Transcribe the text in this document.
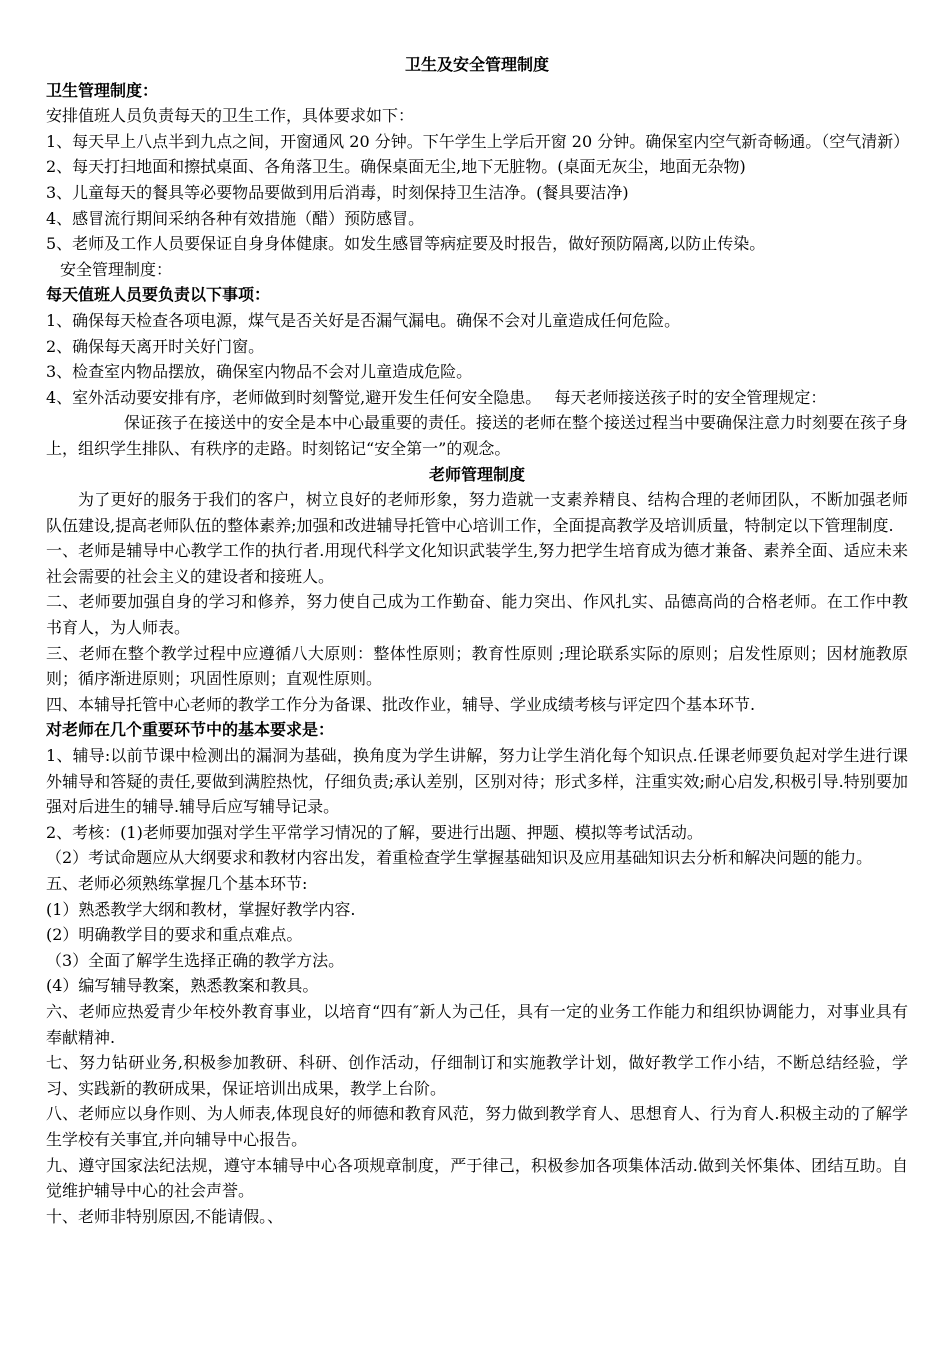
卫生及安全管理制度
卫生管理制度：
安排值班人员负责每天的卫生工作，具体要求如下：
1、每天早上八点半到九点之间，开窗通风 20 分钟。下午学生上学后开窗 20 分钟。确保室内空气新奇畅通。（空气清新）
2、每天打扫地面和擦拭桌面、各角落卫生。确保桌面无尘,地下无脏物。(桌面无灰尘，地面无杂物)
3、儿童每天的餐具等必要物品要做到用后消毒，时刻保持卫生洁净。(餐具要洁净)
4、感冒流行期间采纳各种有效措施（醋）预防感冒。
5、老师及工作人员要保证自身身体健康。如发生感冒等病症要及时报告，做好预防隔离,以防止传染。
安全管理制度：
每天值班人员要负责以下事项：
1、确保每天检查各项电源，煤气是否关好是否漏气漏电。确保不会对儿童造成任何危险。
2、确保每天离开时关好门窗。
3、检查室内物品摆放，确保室内物品不会对儿童造成危险。
4、室外活动要安排有序，老师做到时刻警觉,避开发生任何安全隐患。　 每天老师接送孩子时的安全管理规定：
保证孩子在接送中的安全是本中心最重要的责任。接送的老师在整个接送过程当中要确保注意力时刻要在孩子身上，组织学生排队、有秩序的走路。时刻铭记“安全第一”的观念。
老师管理制度
为了更好的服务于我们的客户，树立良好的老师形象，努力造就一支素养精良、结构合理的老师团队，不断加强老师队伍建设,提高老师队伍的整体素养;加强和改进辅导托管中心培训工作，全面提高教学及培训质量，特制定以下管理制度.
一、老师是辅导中心教学工作的执行者.用现代科学文化知识武装学生,努力把学生培育成为德才兼备、素养全面、适应未来社会需要的社会主义的建设者和接班人。
二、老师要加强自身的学习和修养，努力使自己成为工作勤奋、能力突出、作风扎实、品德高尚的合格老师。在工作中教书育人，为人师表。
三、老师在整个教学过程中应遵循八大原则：整体性原则；教育性原则 ;理论联系实际的原则；启发性原则；因材施教原则；循序渐进原则；巩固性原则；直观性原则。
四、本辅导托管中心老师的教学工作分为备课、批改作业，辅导、学业成绩考核与评定四个基本环节.
对老师在几个重要环节中的基本要求是：
1、辅导:以前节课中检测出的漏洞为基础，换角度为学生讲解，努力让学生消化每个知识点.任课老师要负起对学生进行课外辅导和答疑的责任,要做到满腔热忱，仔细负责;承认差别，区别对待；形式多样，注重实效;耐心启发,积极引导.特别要加强对后进生的辅导.辅导后应写辅导记录。
2、考核：(1)老师要加强对学生平常学习情况的了解，要进行出题、押题、模拟等考试活动。
（2）考试命题应从大纲要求和教材内容出发，着重检查学生掌握基础知识及应用基础知识去分析和解决问题的能力。
五、老师必须熟练掌握几个基本环节:
(1）熟悉教学大纲和教材，掌握好教学内容.
(2）明确教学目的要求和重点难点。
（3）全面了解学生选择正确的教学方法。
(4）编写辅导教案，熟悉教案和教具。
六、老师应热爱青少年校外教育事业，以培育“四有″新人为己任，具有一定的业务工作能力和组织协调能力，对事业具有奉献精神.
七、努力钻研业务,积极参加教研、科研、创作活动，仔细制订和实施教学计划，做好教学工作小结，不断总结经验，学习、实践新的教研成果，保证培训出成果，教学上台阶。
八、老师应以身作则、为人师表,体现良好的师德和教育风范，努力做到教学育人、思想育人、行为育人.积极主动的了解学生学校有关事宜,并向辅导中心报告。
九、遵守国家法纪法规，遵守本辅导中心各项规章制度，严于律己，积极参加各项集体活动.做到关怀集体、团结互助。自觉维护辅导中心的社会声誉。
十、老师非特别原因,不能请假。、
